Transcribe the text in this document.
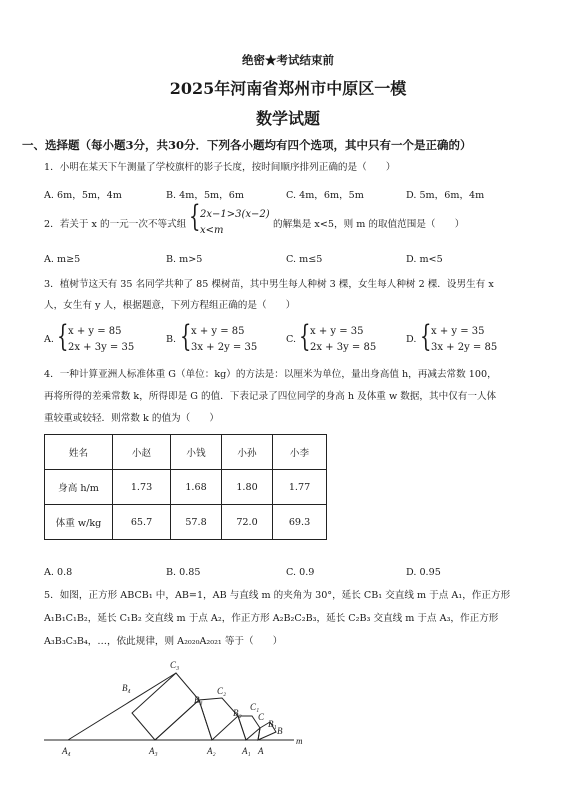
绝密★考试结束前
2025年河南省郑州市中原区一模
数学试题
一、选择题（每小题3分，共30分．下列各小题均有四个选项，其中只有一个是正确的）
1．小明在某天下午测量了学校旗杆的影子长度，按时间顺序排列正确的是（　　）
A. 6m，5m，4m	B. 4m，5m，6m	C. 4m，6m，5m	D. 5m，6m，4m
2．若关于 x 的一元一次不等式组 { 2x−1>3(x−2)
x<m
的解集是 x<5，则 m 的取值范围是（　　）
A. m≥5	B. m>5	C. m≤5	D. m<5
3．植树节这天有 35 名同学共种了 85 棵树苗，其中男生每人种树 3 棵，女生每人种树 2 棵．设男生有 x
人，女生有 y 人，根据题意，下列方程组正确的是（　　）
A. { x + y = 85
2x + 3y = 35
B. { x + y = 85
3x + 2y = 35
C. { x + y = 35
2x + 3y = 85
D. { x + y = 35
3x + 2y = 85
4．一种计算亚洲人标准体重 G（单位：kg）的方法是：以厘米为单位，量出身高值 h，再减去常数 100，
再将所得的差乘常数 k，所得即是 G 的值．下表记录了四位同学的身高 h 及体重 w 数据，其中仅有一人体
重较重或较轻．则常数 k 的值为（　　）
姓名	小赵	小钱	小孙	小李
身高 h/m	1.73	1.68	1.80	1.77
体重 w/kg	65.7	57.8	72.0	69.3
A. 0.8	B. 0.85	C. 0.9	D. 0.95
5．如图，正方形 ABCB₁ 中，AB=1，AB 与直线 m 的夹角为 30°，延长 CB₁ 交直线 m 于点 A₁，作正方形
A₁B₁C₁B₂，延长 C₁B₂ 交直线 m 于点 A₂，作正方形 A₂B₂C₂B₃，延长 C₂B₃ 交直线 m 于点 A₃，作正方形
A₃B₃C₃B₄，…，依此规律，则 A₂₀₂₀A₂₀₂₁ 等于（　　）
C₃
B₄
B₃
C₂
B₂
C₁
C
B₁
B
A₄	A₃	A₂	A₁ A
m
